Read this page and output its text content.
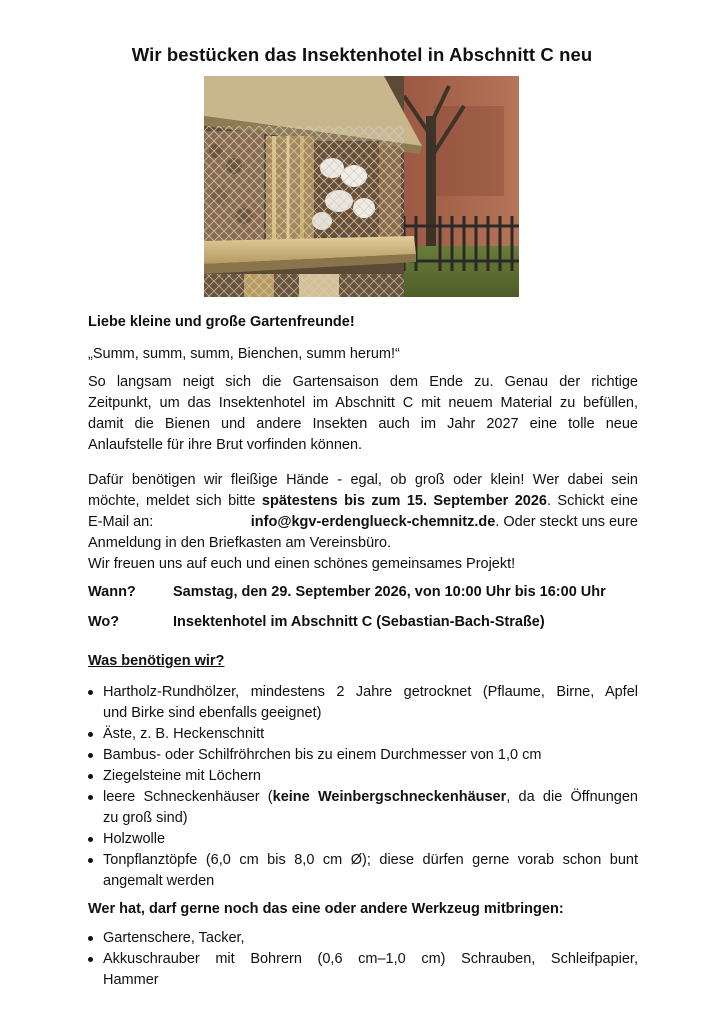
Wir bestücken das Insektenhotel in Abschnitt C neu

Liebe kleine und große Gartenfreunde!

„Summ, summ, summ, Bienchen, summ herum!“

So langsam neigt sich die Gartensaison dem Ende zu. Genau der richtige
Zeitpunkt, um das Insektenhotel im Abschnitt C mit neuem Material zu befüllen,
damit die Bienen und andere Insekten auch im Jahr 2027 eine tolle neue
Anlaufstelle für ihre Brut vorfinden können.
Dafür benötigen wir fleißige Hände - egal, ob groß oder klein! Wer dabei sein
möchte, meldet sich bitte spätestens bis zum 15. September 2026. Schickt eine
E-Mail an:	info@kgv-erdenglueck-chemnitz.de. Oder steckt uns eure
Anmeldung in den Briefkasten am Vereinsbüro.
Wir freuen uns auf euch und einen schönes gemeinsames Projekt!
Wann?	Samstag, den 29. September 2026, von 10:00 Uhr bis 16:00 Uhr
Wo?	Insektenhotel im Abschnitt C (Sebastian-Bach-Straße)
Was benötigen wir?
Hartholz-Rundhölzer, mindestens 2 Jahre getrocknet (Pflaume, Birne, Apfel
und Birke sind ebenfalls geeignet)
Äste, z. B. Heckenschnitt
Bambus- oder Schilfröhrchen bis zu einem Durchmesser von 1,0 cm
Ziegelsteine mit Löchern
leere Schneckenhäuser (keine Weinbergschneckenhäuser, da die Öffnungen
zu groß sind)
Holzwolle
Tonpflanztöpfe (6,0 cm bis 8,0 cm Ø); diese dürfen gerne vorab schon bunt
angemalt werden
Wer hat, darf gerne noch das eine oder andere Werkzeug mitbringen:
Gartenschere, Tacker,
Akkuschrauber mit Bohrern (0,6 cm–1,0 cm) Schrauben, Schleifpapier,
Hammer
